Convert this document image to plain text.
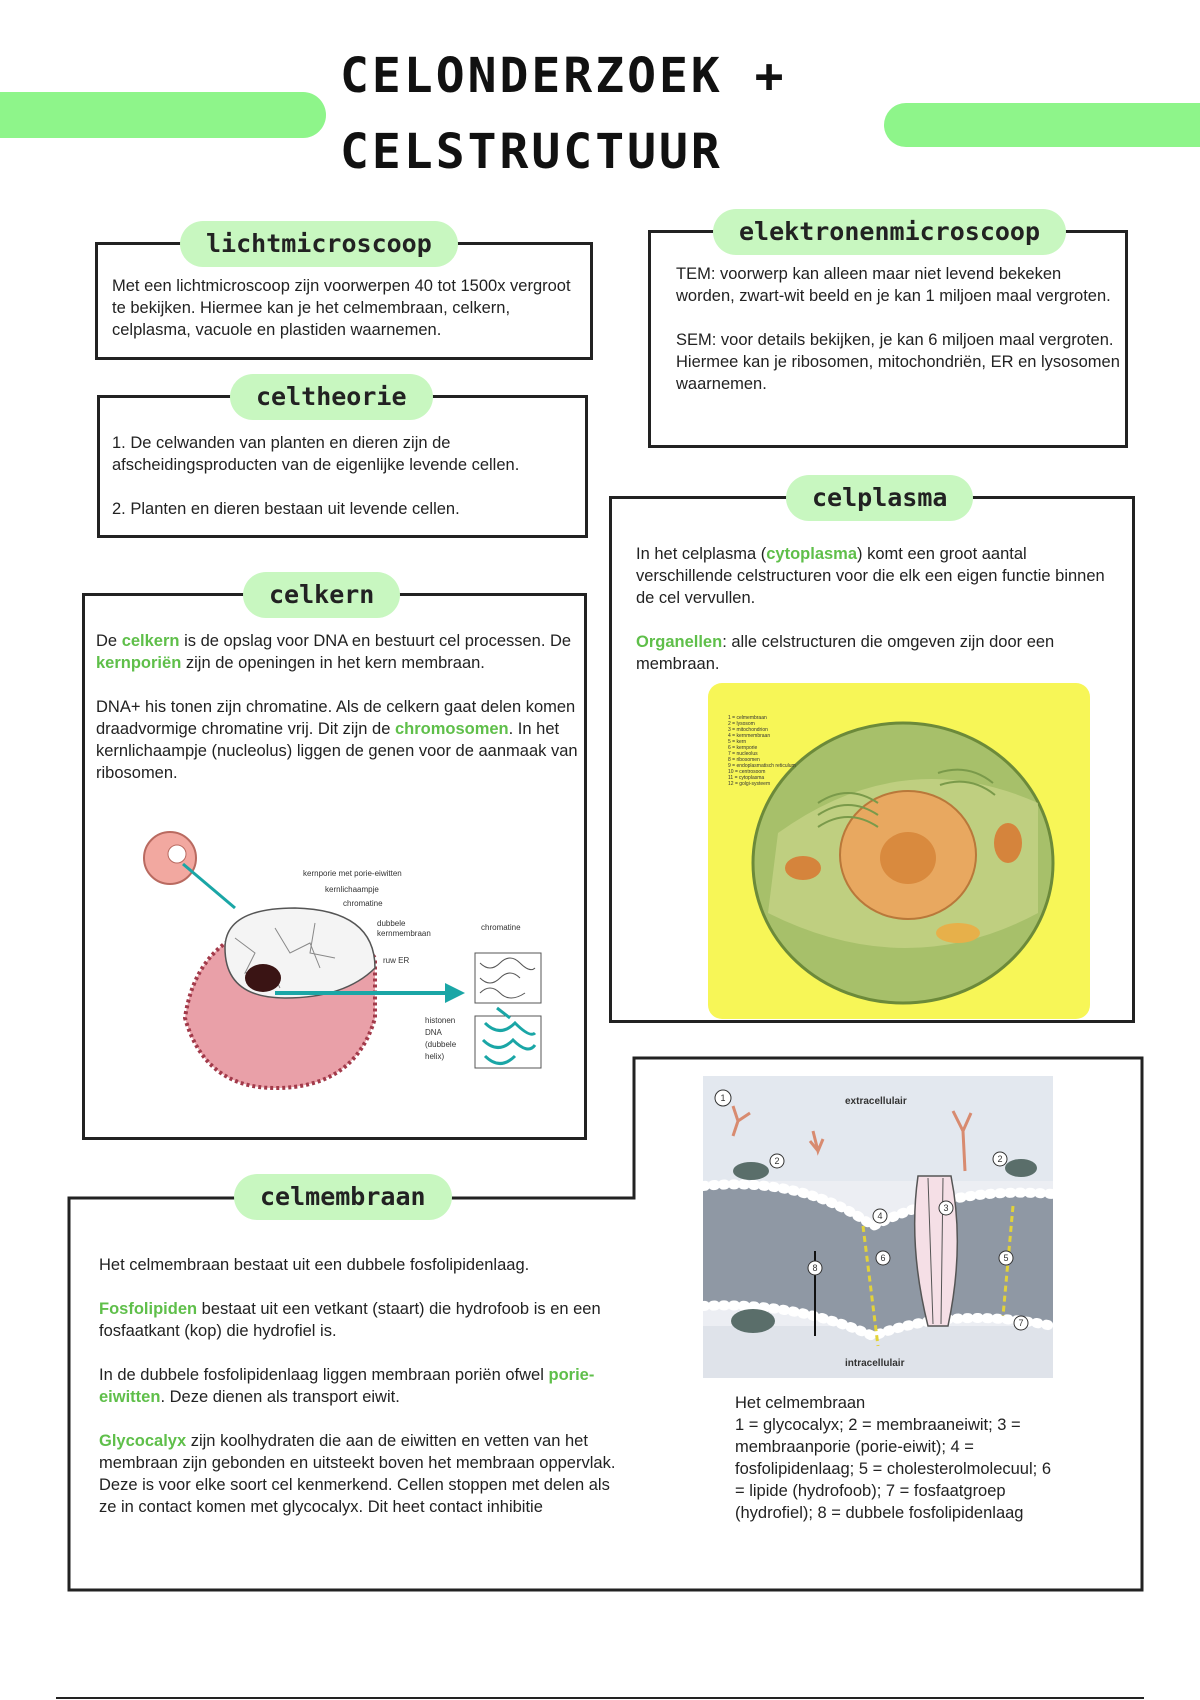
CELONDERZOEK +
CELSTRUCTUUR
lichtmicroscoop
Met een lichtmicroscoop zijn voorwerpen 40 tot 1500x vergroot te bekijken. Hiermee kan je het celmembraan, celkern, celplasma, vacuole en plastiden waarnemen.
elektronenmicroscoop

TEM: voorwerp kan alleen maar niet levend bekeken worden, zwart-wit beeld en je kan 1 miljoen maal vergroten.

SEM: voor details bekijken, je kan 6 miljoen maal vergroten. Hiermee kan je ribosomen, mitochondriën, ER en lysosomen waarnemen.

celtheorie

1. De celwanden van planten en dieren zijn de afscheidingsproducten van de eigenlijke levende cellen.

2. Planten en dieren bestaan uit levende cellen.	celplasma

In het celplasma (cytoplasma) komt een groot aantal verschillende celstructuren voor die elk een eigen functie binnen de cel vervullen.

Organellen: alle celstructuren die omgeven zijn door een membraan.

1 = celmembraan
2 = lysosom
3 = mitochondrion
4 = kernmembraan
5 = kern
6 = kernporie
7 = nucleolus
8 = ribosomen
9 = endoplasmatisch reticulum
10 = centrosoom
11 = cytoplasma
12 = golgi-systeem
celkern

De celkern is de opslag voor DNA en bestuurt cel processen. De kernporiën zijn de openingen in het kern membraan.

DNA+ his tonen zijn chromatine. Als de celkern gaat delen komen draadvormige chromatine vrij. Dit zijn de chromosomen. In het kernlichaampje (nucleolus) liggen de genen voor de aanmaak van ribosomen.

kernporie met porie-eiwitten
kernlichaampje
chromatine
dubbele
kernmembraan
ruw ER
chromatine
histonen
DNA
(dubbele
helix)
celmembraan

Het celmembraan bestaat uit een dubbele fosfolipidenlaag.

Fosfolipiden bestaat uit een vetkant (staart) die hydrofoob is en een fosfaatkant (kop) die hydrofiel is.

In de dubbele fosfolipidenlaag liggen membraan poriën ofwel porie-eiwitten. Deze dienen als transport eiwit.

Glycocalyx zijn koolhydraten die aan de eiwitten en vetten van het membraan zijn gebonden en uitsteekt boven het membraan oppervlak. Deze is voor elke soort cel kenmerkend. Cellen stoppen met delen als ze in contact komen met glycocalyx. Dit heet contact inhibitie

extracellulair
intracellulair
1
2	2
3
4
5
6
7
8
Het celmembraan
1 = glycocalyx; 2 = membraaneiwit; 3 = membraanporie (porie-eiwit); 4 = fosfolipidenlaag; 5 = cholesterolmolecuul; 6 = lipide (hydrofoob); 7 = fosfaatgroep (hydrofiel); 8 = dubbele fosfolipidenlaag
